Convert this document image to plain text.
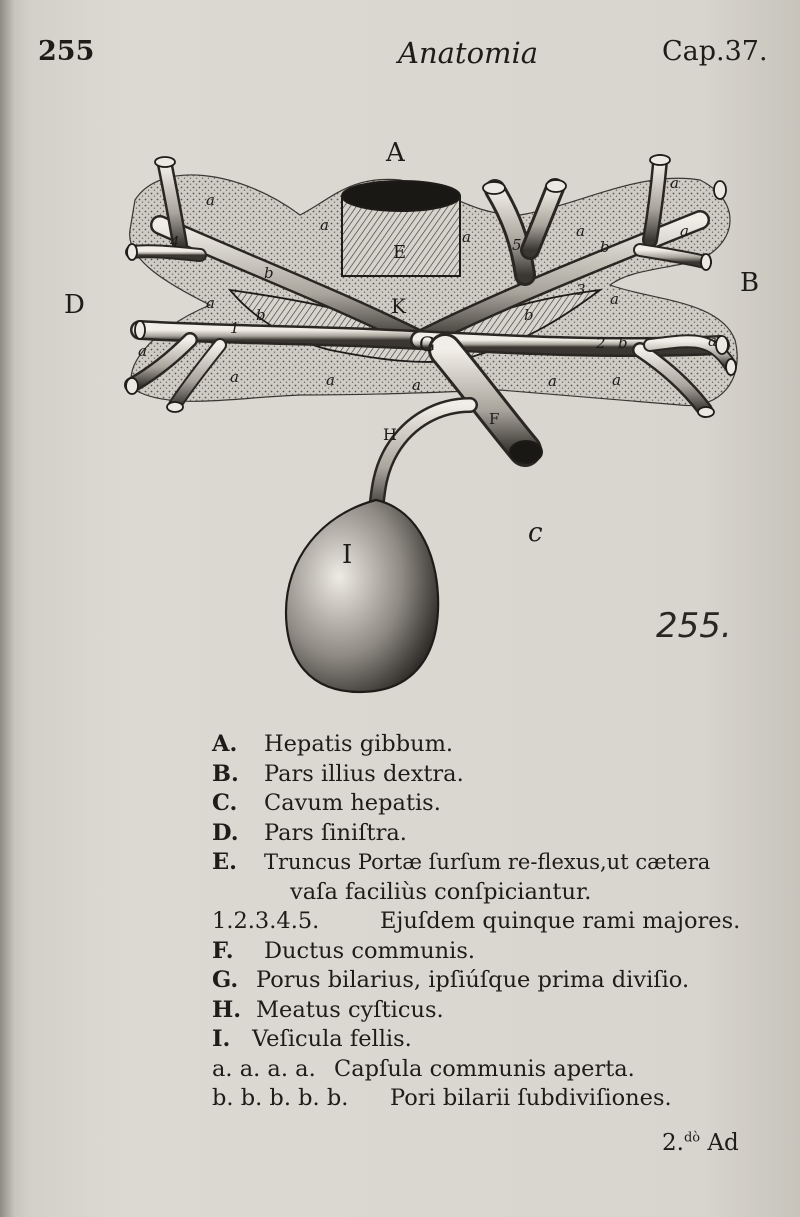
255	Anatomia	Cap.37.
a
a
a	a
a
a
a	a
a
a	a	a	a	a
a
b
b	b
b
b
4
1
5
3
2
A
B
c
D
E
F
G
H
I
K
255.
A. Hepatis gibbum.
B. Pars illius dextra.
C. Cavum hepatis.
D. Pars ſiniſtra.
E. Truncus Portæ ſurſum re-flexus,ut cætera
vaſa faciliùs conſpiciantur.
1.2.3.4.5.	Ejuſdem quinque rami majores.
F. Ductus communis.
G. Porus bilarius, ipſiúſque prima diviſio.
H. Meatus cyſticus.
I. Veſicula fellis.
a. a. a. a. Capſula communis aperta.
b. b. b. b. b. Pori bilarii ſubdiviſiones.
2.$^{dò}$ Ad
